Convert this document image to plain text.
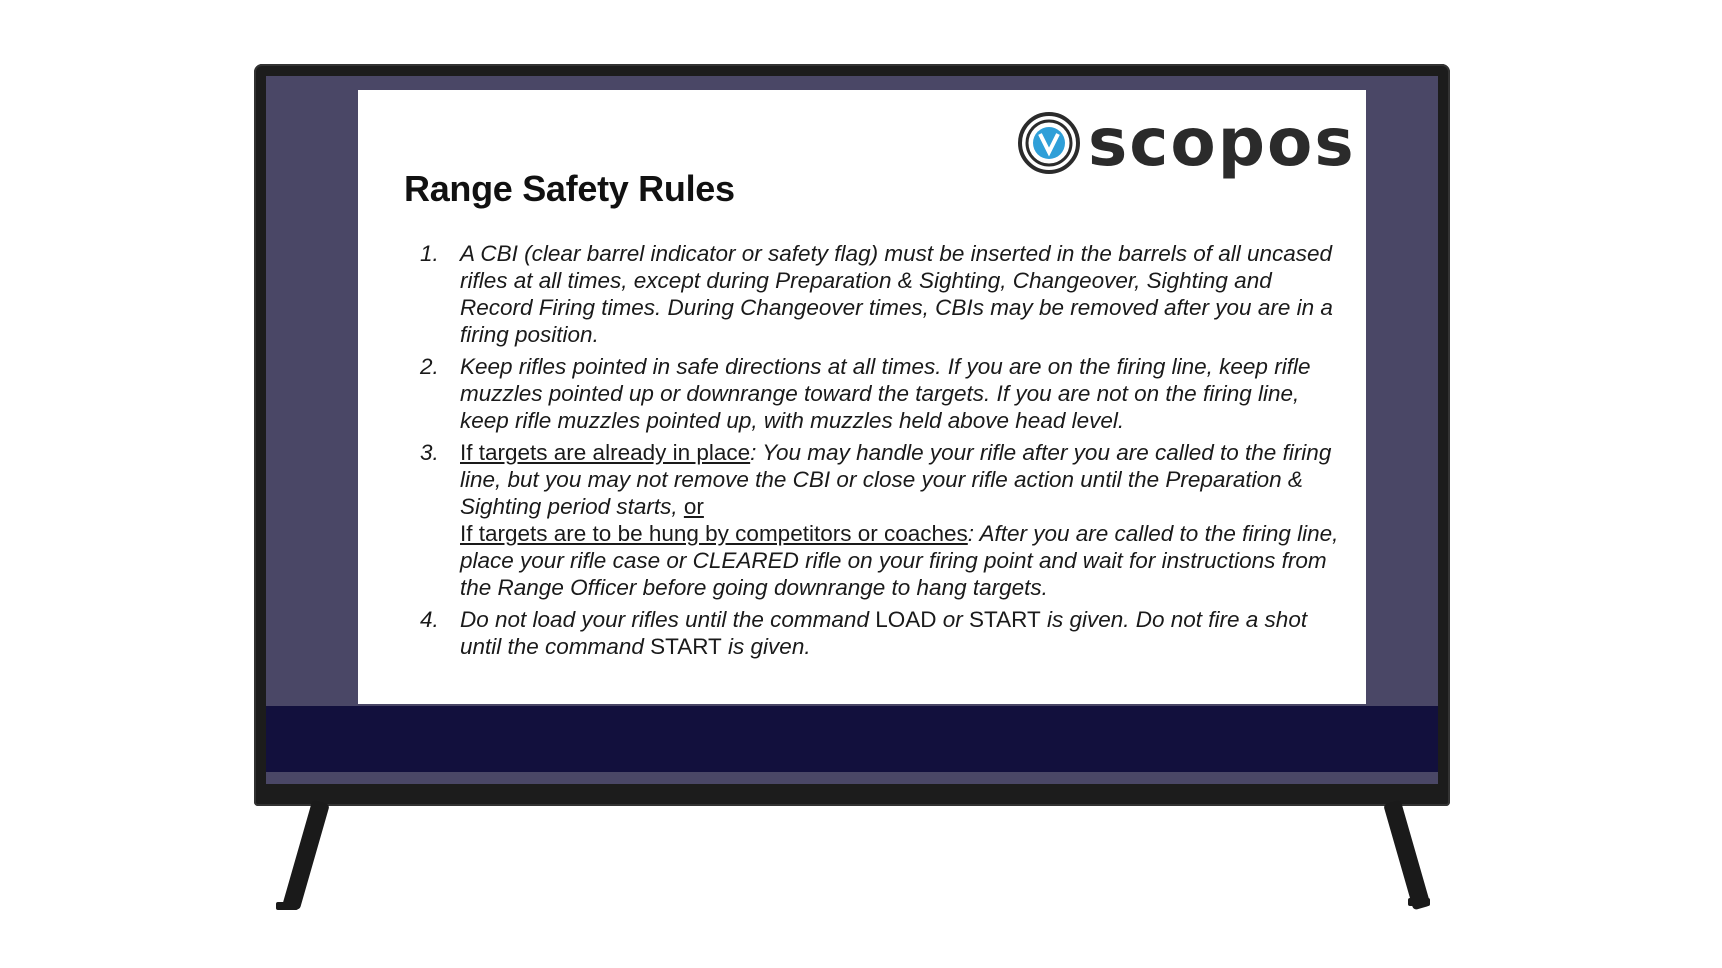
Range Safety Rules
scopos
1. A CBI (clear barrel indicator or safety flag) must be inserted in the barrels of all uncased rifles at all times, except during Preparation & Sighting, Changeover, Sighting and Record Firing times. During Changeover times, CBIs may be removed after you are in a firing position.
2. Keep rifles pointed in safe directions at all times. If you are on the firing line, keep rifle muzzles pointed up or downrange toward the targets. If you are not on the firing line, keep rifle muzzles pointed up, with muzzles held above head level.
3. If targets are already in place: You may handle your rifle after you are called to the firing line, but you may not remove the CBI or close your rifle action until the Preparation & Sighting period starts, or
If targets are to be hung by competitors or coaches: After you are called to the firing line, place your rifle case or CLEARED rifle on your firing point and wait for instructions from the Range Officer before going downrange to hang targets.
4. Do not load your rifles until the command LOAD or START is given. Do not fire a shot until the command START is given.
